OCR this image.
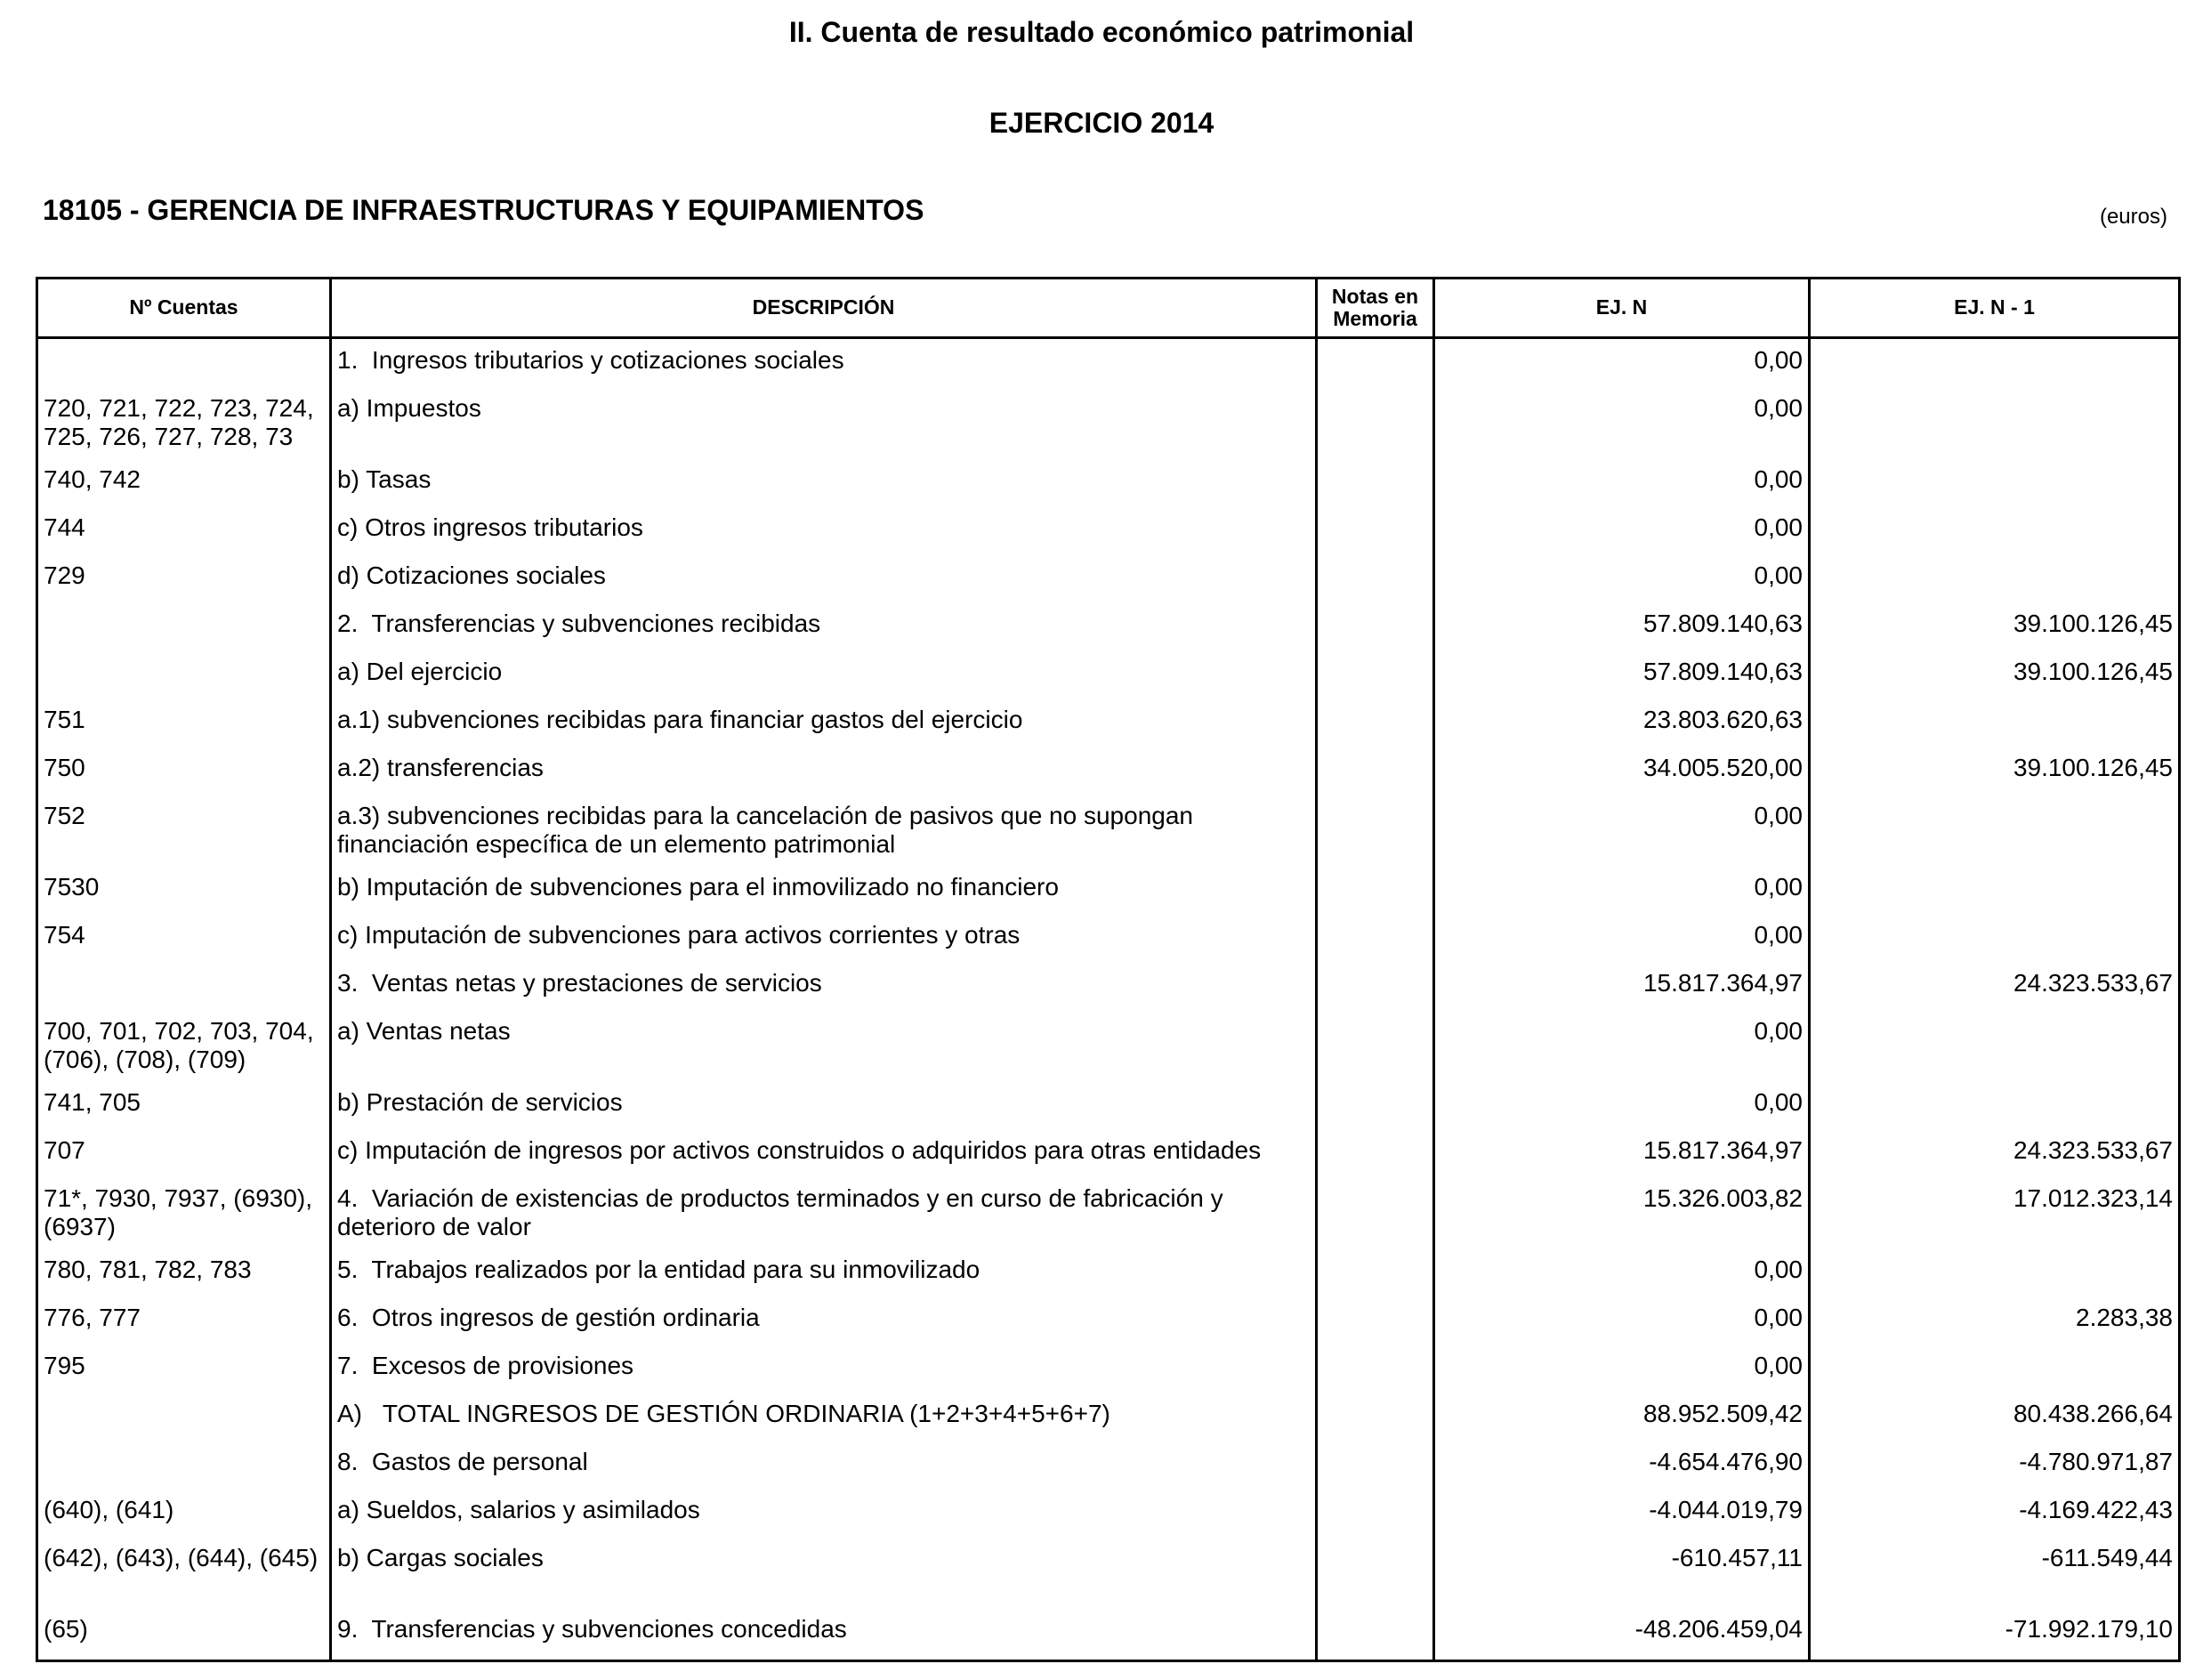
II. Cuenta de resultado económico patrimonial
EJERCICIO 2014
18105 - GERENCIA DE INFRAESTRUCTURAS Y EQUIPAMIENTOS	(euros)
Nº Cuentas	DESCRIPCIÓN	Notas en Memoria	EJ. N	EJ. N - 1
	1.  Ingresos tributarios y cotizaciones sociales		0,00	
720, 721, 722, 723, 724, 725, 726, 727, 728, 73	a) Impuestos		0,00	
740, 742	b) Tasas		0,00	
744	c) Otros ingresos tributarios		0,00	
729	d) Cotizaciones sociales		0,00	
	2.  Transferencias y subvenciones recibidas		57.809.140,63	39.100.126,45
	a) Del ejercicio		57.809.140,63	39.100.126,45
751	a.1) subvenciones recibidas para financiar gastos del ejercicio		23.803.620,63	
750	a.2) transferencias		34.005.520,00	39.100.126,45
752	a.3) subvenciones recibidas para la cancelación de pasivos que no supongan financiación específica de un elemento patrimonial		0,00	
7530	b) Imputación de subvenciones para el inmovilizado no financiero		0,00	
754	c) Imputación de subvenciones para activos corrientes y otras		0,00	
	3.  Ventas netas y prestaciones de servicios		15.817.364,97	24.323.533,67
700, 701, 702, 703, 704, (706), (708), (709)	a) Ventas netas		0,00	
741, 705	b) Prestación de servicios		0,00	
707	c) Imputación de ingresos por activos construidos o adquiridos para otras entidades		15.817.364,97	24.323.533,67
71*, 7930, 7937, (6930), (6937)	4.  Variación de existencias de productos terminados y en curso de fabricación y deterioro de valor		15.326.003,82	17.012.323,14
780, 781, 782, 783	5.  Trabajos realizados por la entidad para su inmovilizado		0,00	
776, 777	6.  Otros ingresos de gestión ordinaria		0,00	2.283,38
795	7.  Excesos de provisiones		0,00	
	A)   TOTAL INGRESOS DE GESTIÓN ORDINARIA (1+2+3+4+5+6+7)		88.952.509,42	80.438.266,64
	8.  Gastos de personal		-4.654.476,90	-4.780.971,87
(640), (641)	a) Sueldos, salarios y asimilados		-4.044.019,79	-4.169.422,43
(642), (643), (644), (645)	b) Cargas sociales		-610.457,11	-611.549,44
(65)	9.  Transferencias y subvenciones concedidas		-48.206.459,04	-71.992.179,10
